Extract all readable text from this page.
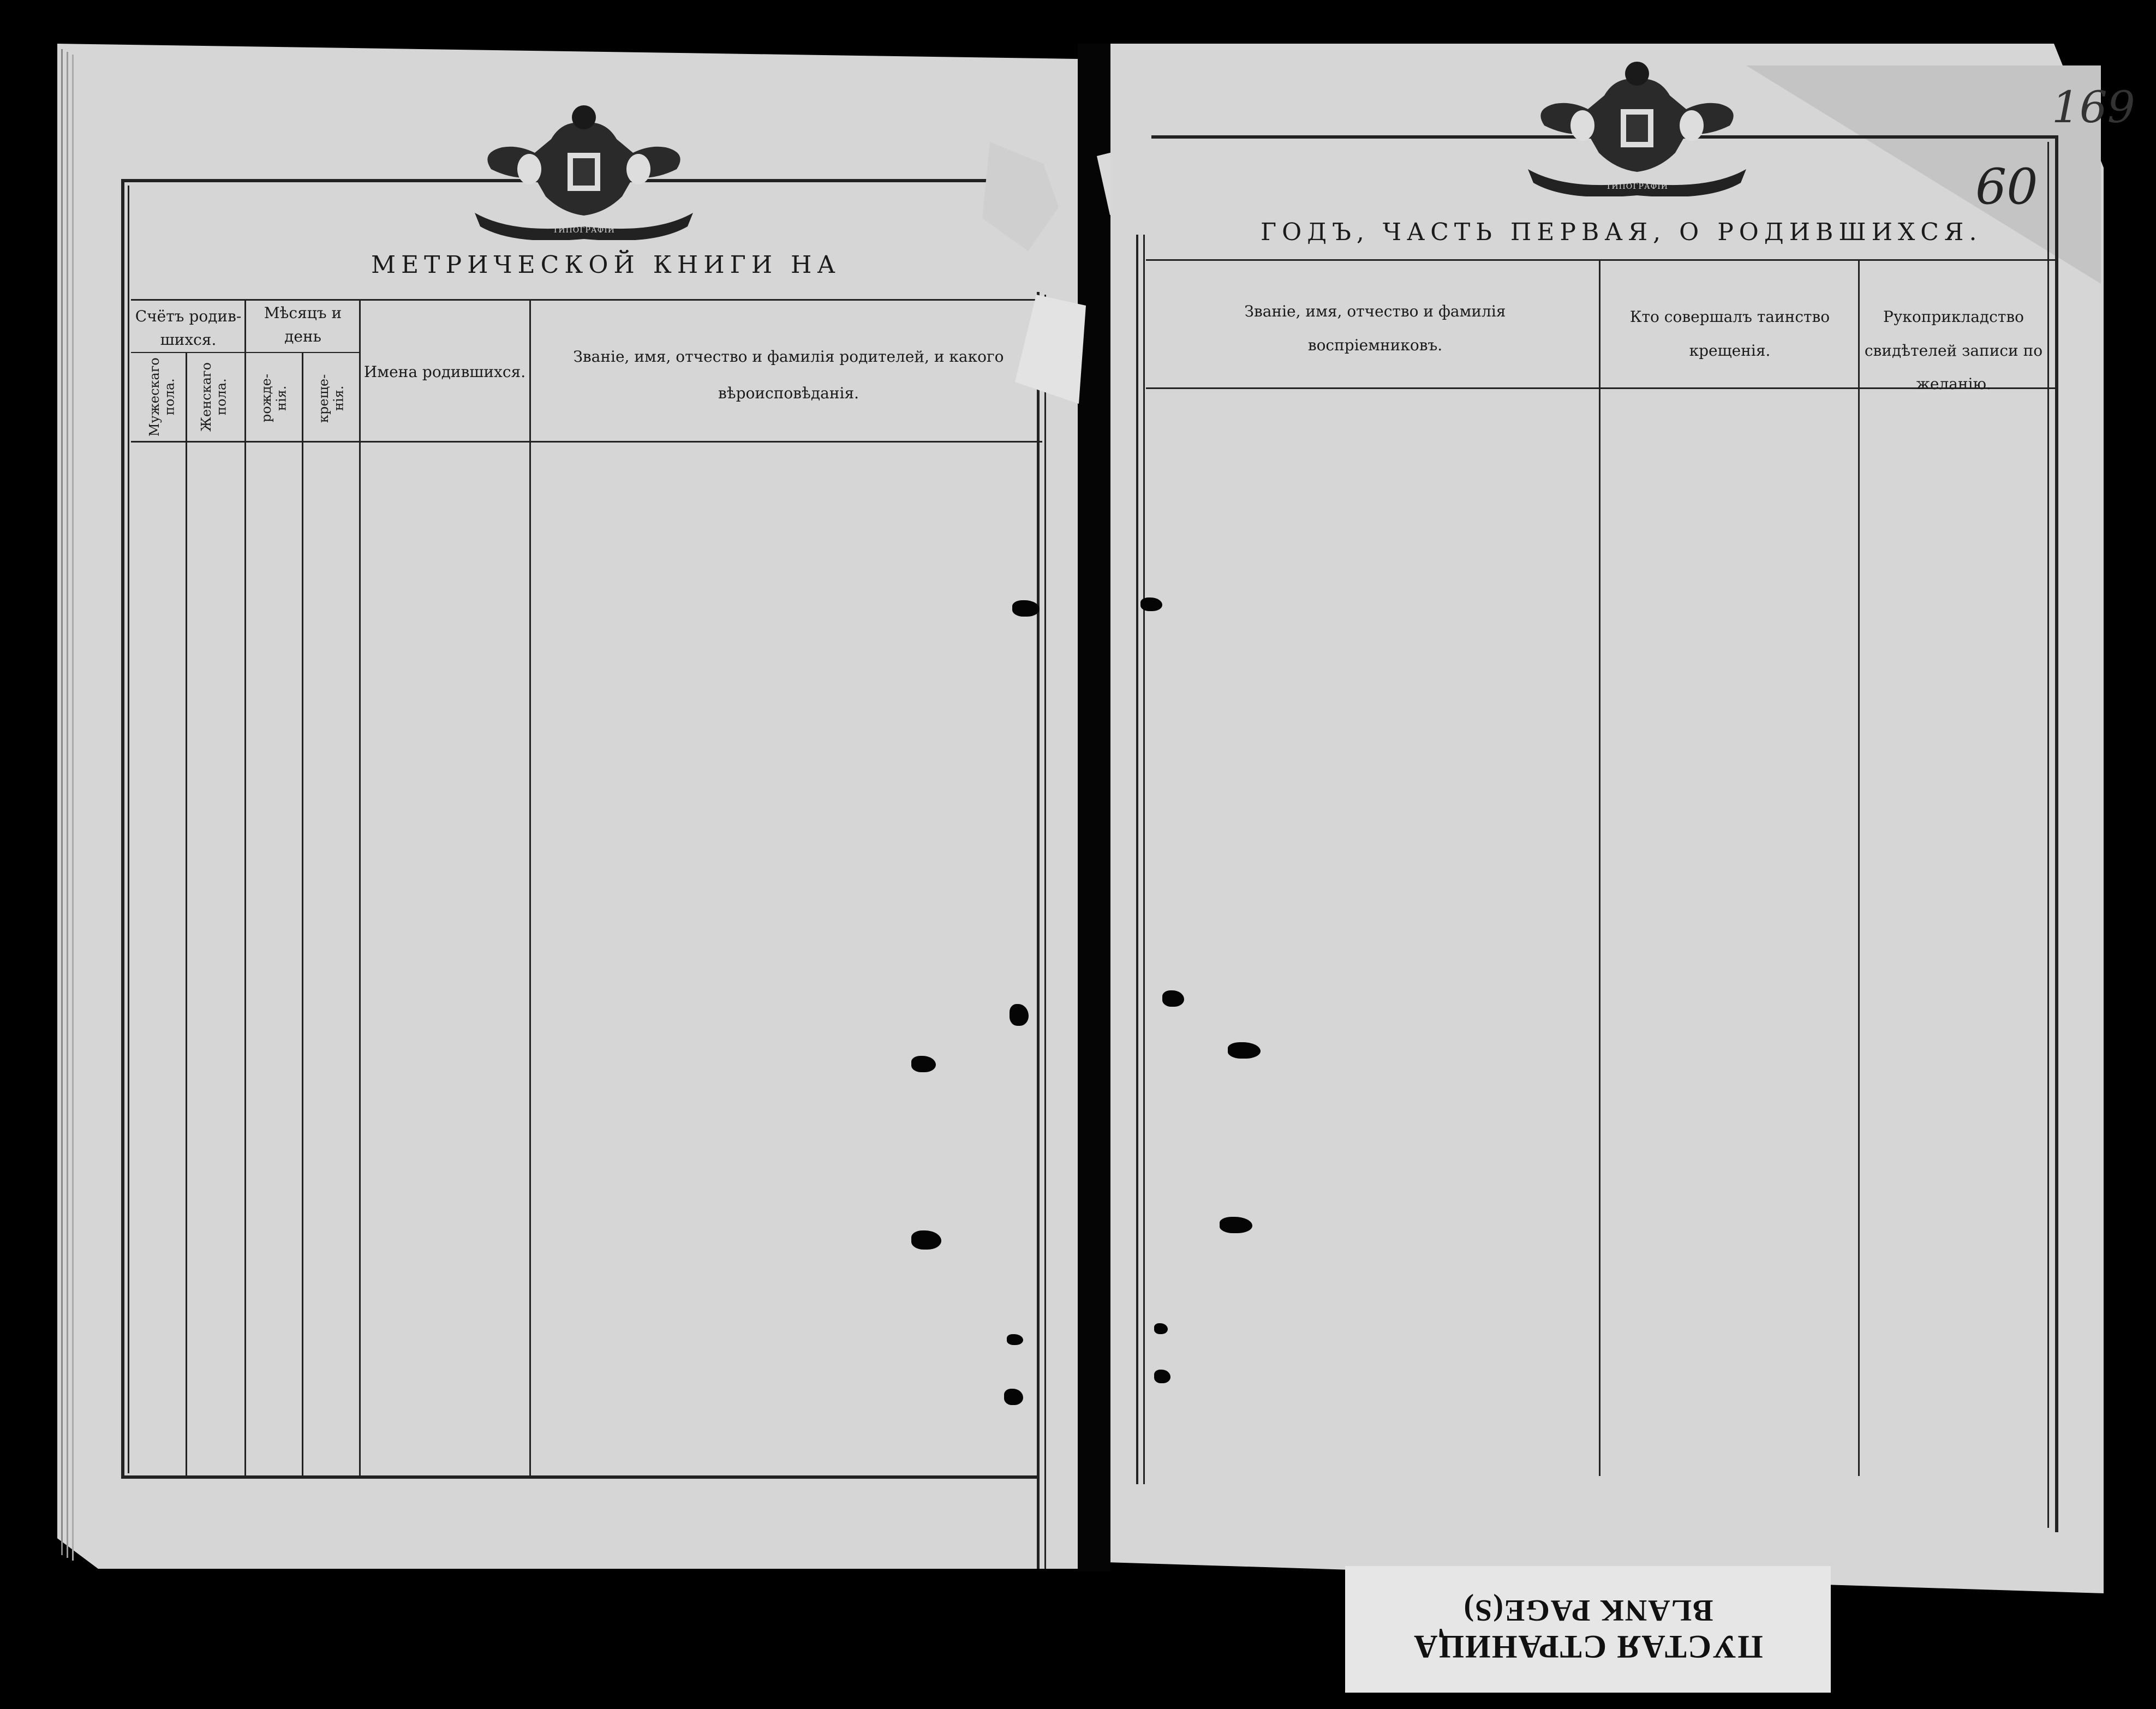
МОСКОВСКОЙ СѵНОДАЛЬНОЙ ТИПОГРАФІИ
МЕТРИЧЕСКОЙ КНИГИ НА
Счётъ родив- шихся.
Мужескаго пола.	Женскаго пола.
Мѣсяцъ и день
рожде- нія.	креще- нія.
Имена родившихся.
Званіе, имя, отчество и фамилія родителей, и какого вѣроисповѣданія.
МОСКОВСКОЙ СѵНОДАЛЬНОЙ ТИПОГРАФІИ
169
60
ГОДЪ, ЧАСТЬ ПЕРВАЯ, О РОДИВШИХСЯ.
Званіе, имя, отчество и фамилія воспріемниковъ.
Кто совершалъ таинство крещенія.
Рукоприкладство свидѣтелей записи по желанію.
ПУСТАЯ СТРАНИЦА
BLANK PAGE(S)
